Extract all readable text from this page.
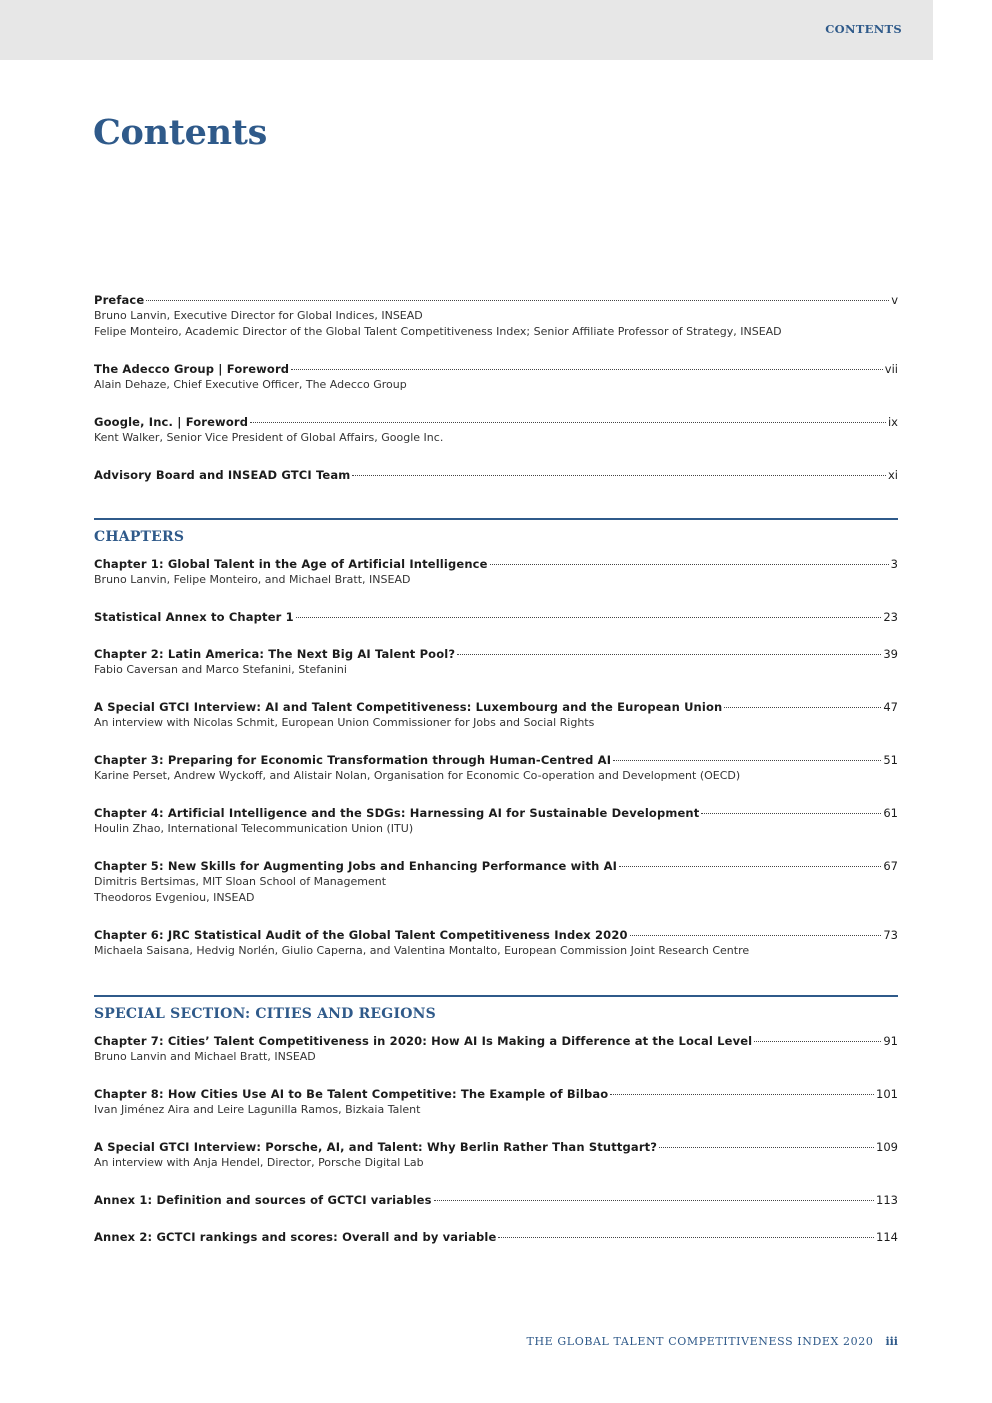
CONTENTS
Contents
Preface	v
Bruno Lanvin, Executive Director for Global Indices, INSEAD
Felipe Monteiro, Academic Director of the Global Talent Competitiveness Index; Senior Affiliate Professor of Strategy, INSEAD
The Adecco Group | Foreword	vii
Alain Dehaze, Chief Executive Officer, The Adecco Group
Google, Inc. | Foreword	ix
Kent Walker, Senior Vice President of Global Affairs, Google Inc.
Advisory Board and INSEAD GTCI Team	xi
CHAPTERS
Chapter 1: Global Talent in the Age of Artificial Intelligence	3
Bruno Lanvin, Felipe Monteiro, and Michael Bratt, INSEAD
Statistical Annex to Chapter 1	23
Chapter 2: Latin America: The Next Big AI Talent Pool?	39
Fabio Caversan and Marco Stefanini, Stefanini
A Special GTCI Interview: AI and Talent Competitiveness: Luxembourg and the European Union	47
An interview with Nicolas Schmit, European Union Commissioner for Jobs and Social Rights
Chapter 3: Preparing for Economic Transformation through Human-Centred AI	51
Karine Perset, Andrew Wyckoff, and Alistair Nolan, Organisation for Economic Co-operation and Development (OECD)
Chapter 4: Artificial Intelligence and the SDGs: Harnessing AI for Sustainable Development	61
Houlin Zhao, International Telecommunication Union (ITU)
Chapter 5: New Skills for Augmenting Jobs and Enhancing Performance with AI	67
Dimitris Bertsimas, MIT Sloan School of Management
Theodoros Evgeniou, INSEAD
Chapter 6: JRC Statistical Audit of the Global Talent Competitiveness Index 2020	73
Michaela Saisana, Hedvig Norlén, Giulio Caperna, and Valentina Montalto, European Commission Joint Research Centre
SPECIAL SECTION: CITIES AND REGIONS
Chapter 7: Cities’ Talent Competitiveness in 2020: How AI Is Making a Difference at the Local Level	91
Bruno Lanvin and Michael Bratt, INSEAD
Chapter 8: How Cities Use AI to Be Talent Competitive: The Example of Bilbao	101
Ivan Jiménez Aira and Leire Lagunilla Ramos, Bizkaia Talent
A Special GTCI Interview: Porsche, AI, and Talent: Why Berlin Rather Than Stuttgart?	109
An interview with Anja Hendel, Director, Porsche Digital Lab
Annex 1: Definition and sources of GCTCI variables	113
Annex 2: GCTCI rankings and scores: Overall and by variable	114
THE GLOBAL TALENT COMPETITIVENESS INDEX 2020 iii
